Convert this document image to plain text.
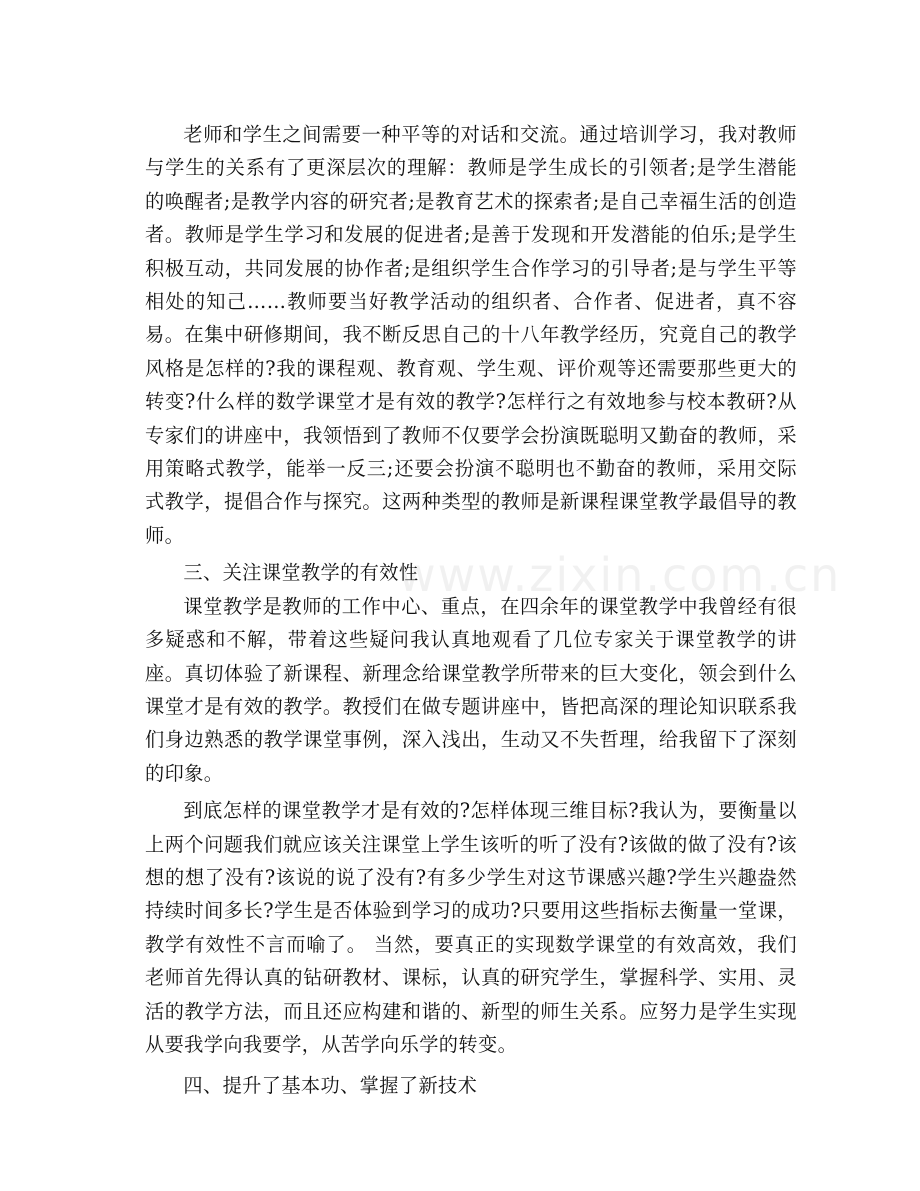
老师和学生之间需要一种平等的对话和交流。通过培训学习，我对教师与学生的关系有了更深层次的理解：教师是学生成长的引领者;是学生潜能的唤醒者;是教学内容的研究者;是教育艺术的探索者;是自己幸福生活的创造者。教师是学生学习和发展的促进者;是善于发现和开发潜能的伯乐;是学生积极互动，共同发展的协作者;是组织学生合作学习的引导者;是与学生平等相处的知己……教师要当好教学活动的组织者、合作者、促进者，真不容易。在集中研修期间，我不断反思自己的十八年教学经历，究竟自己的教学风格是怎样的?我的课程观、教育观、学生观、评价观等还需要那些更大的转变?什么样的数学课堂才是有效的教学?怎样行之有效地参与校本教研?从专家们的讲座中，我领悟到了教师不仅要学会扮演既聪明又勤奋的教师，采用策略式教学，能举一反三;还要会扮演不聪明也不勤奋的教师，采用交际式教学，提倡合作与探究。这两种类型的教师是新课程课堂教学最倡导的教师。

三、关注课堂教学的有效性

课堂教学是教师的工作中心、重点，在四余年的课堂教学中我曾经有很多疑惑和不解，带着这些疑问我认真地观看了几位专家关于课堂教学的讲座。真切体验了新课程、新理念给课堂教学所带来的巨大变化，领会到什么课堂才是有效的教学。教授们在做专题讲座中，皆把高深的理论知识联系我们身边熟悉的教学课堂事例，深入浅出，生动又不失哲理，给我留下了深刻的印象。

到底怎样的课堂教学才是有效的?怎样体现三维目标?我认为，要衡量以上两个问题我们就应该关注课堂上学生该听的听了没有?该做的做了没有?该想的想了没有?该说的说了没有?有多少学生对这节课感兴趣?学生兴趣盎然持续时间多长?学生是否体验到学习的成功?只要用这些指标去衡量一堂课，教学有效性不言而喻了。 当然，要真正的实现数学课堂的有效高效，我们老师首先得认真的钻研教材、课标，认真的研究学生，掌握科学、实用、灵活的教学方法，而且还应构建和谐的、新型的师生关系。应努力是学生实现从要我学向我要学，从苦学向乐学的转变。

四、提升了基本功、掌握了新技术

www.zixin.com.cn
